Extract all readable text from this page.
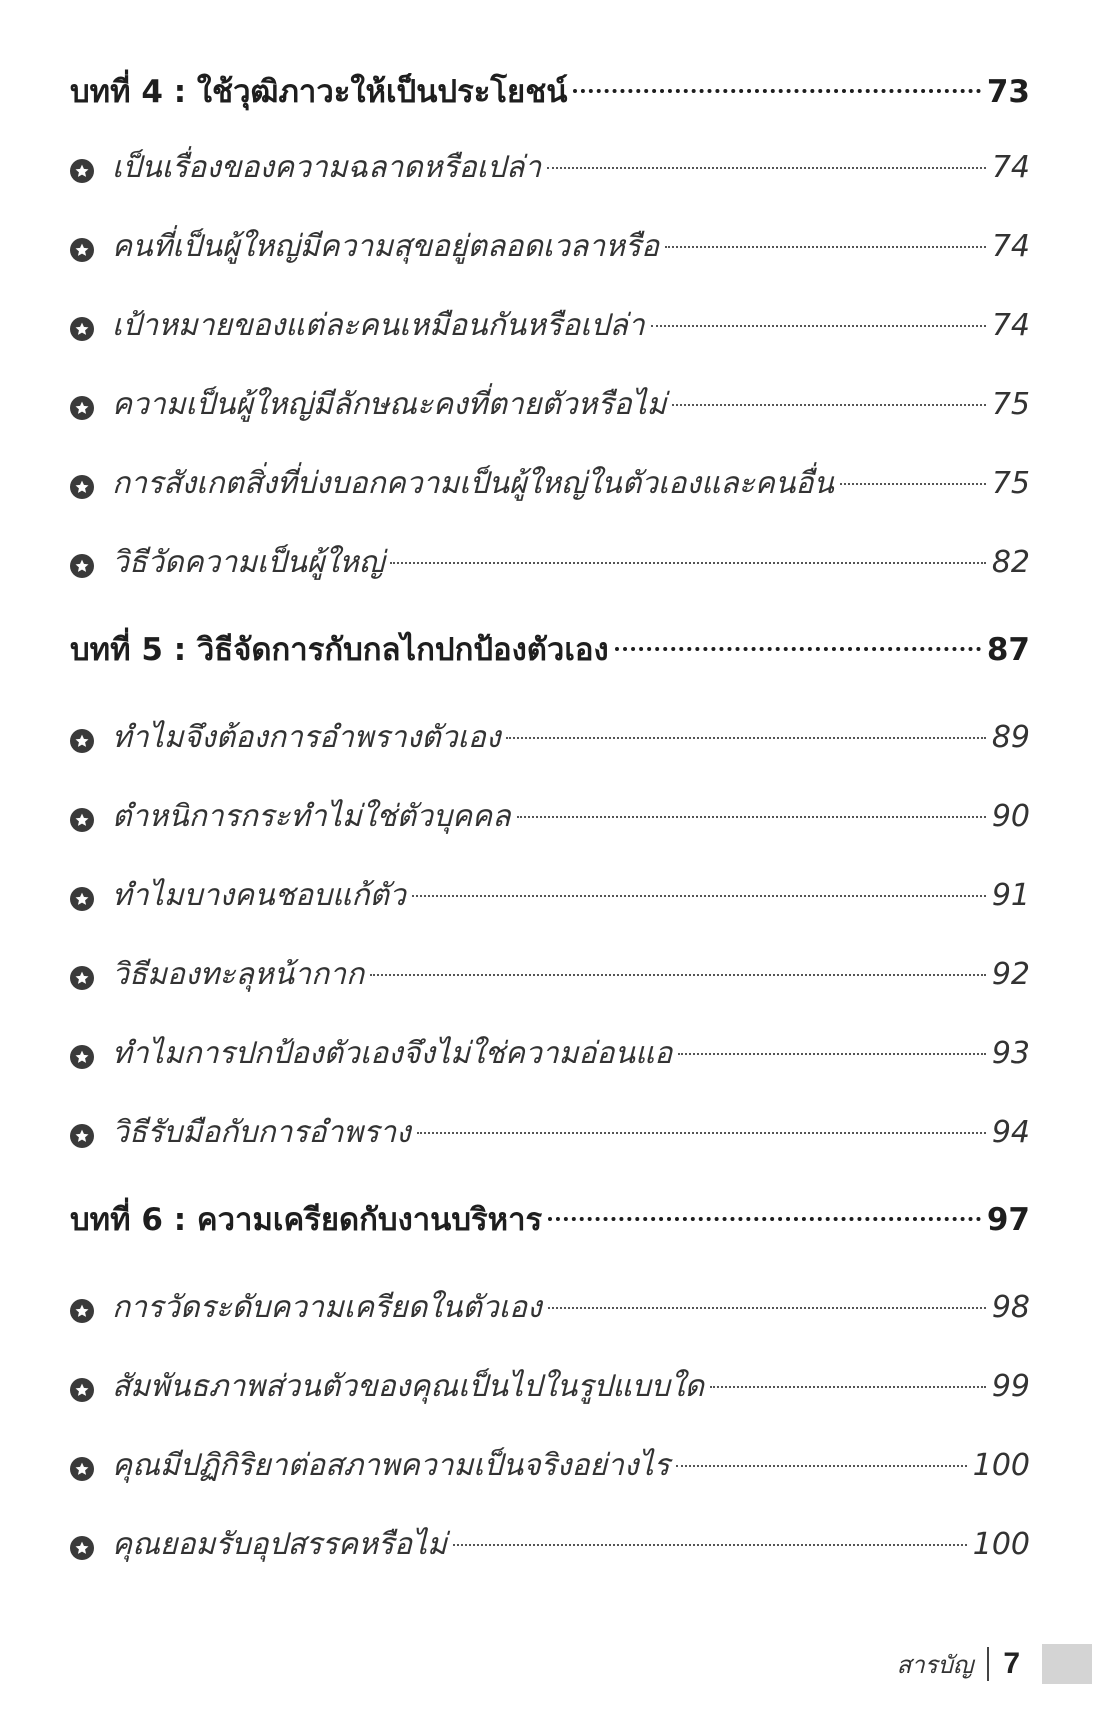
บทที่ 4 : ใช้วุฒิภาวะให้เป็นประโยชน์	73
เป็นเรื่องของความฉลาดหรือเปล่า	74
คนที่เป็นผู้ใหญ่มีความสุขอยู่ตลอดเวลาหรือ	74
เป้าหมายของแต่ละคนเหมือนกันหรือเปล่า	74
ความเป็นผู้ใหญ่มีลักษณะคงที่ตายตัวหรือไม่	75
การสังเกตสิ่งที่บ่งบอกความเป็นผู้ใหญ่ในตัวเองและคนอื่น	75
วิธีวัดความเป็นผู้ใหญ่	82
บทที่ 5 : วิธีจัดการกับกลไกปกป้องตัวเอง	87
ทำไมจึงต้องการอำพรางตัวเอง	89
ตำหนิการกระทำไม่ใช่ตัวบุคคล	90
ทำไมบางคนชอบแก้ตัว	91
วิธีมองทะลุหน้ากาก	92
ทำไมการปกป้องตัวเองจึงไม่ใช่ความอ่อนแอ	93
วิธีรับมือกับการอำพราง	94
บทที่ 6 : ความเครียดกับงานบริหาร	97
การวัดระดับความเครียดในตัวเอง	98
สัมพันธภาพส่วนตัวของคุณเป็นไปในรูปแบบใด	99
คุณมีปฏิกิริยาต่อสภาพความเป็นจริงอย่างไร	100
คุณยอมรับอุปสรรคหรือไม่	100
สารบัญ 7
